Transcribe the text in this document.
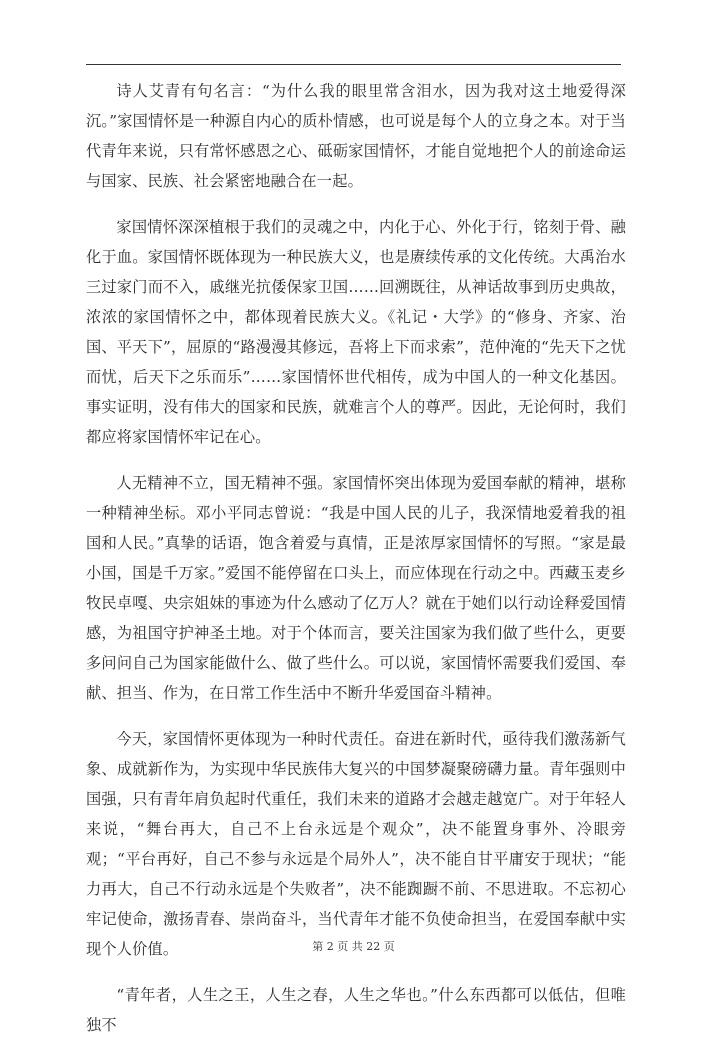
诗人艾青有句名言：“为什么我的眼里常含泪水，因为我对这土地爱得深沉。”家国情怀是一种源自内心的质朴情感，也可说是每个人的立身之本。对于当代青年来说，只有常怀感恩之心、砥砺家国情怀，才能自觉地把个人的前途命运与国家、民族、社会紧密地融合在一起。

家国情怀深深植根于我们的灵魂之中，内化于心、外化于行，铭刻于骨、融化于血。家国情怀既体现为一种民族大义，也是赓续传承的文化传统。大禹治水三过家门而不入，戚继光抗倭保家卫国……回溯既往，从神话故事到历史典故，浓浓的家国情怀之中，都体现着民族大义。《礼记・大学》的“修身、齐家、治国、平天下”，屈原的“路漫漫其修远，吾将上下而求索”，范仲淹的“先天下之忧而忧，后天下之乐而乐”……家国情怀世代相传，成为中国人的一种文化基因。事实证明，没有伟大的国家和民族，就难言个人的尊严。因此，无论何时，我们都应将家国情怀牢记在心。

人无精神不立，国无精神不强。家国情怀突出体现为爱国奉献的精神，堪称一种精神坐标。邓小平同志曾说：“我是中国人民的儿子，我深情地爱着我的祖国和人民。”真挚的话语，饱含着爱与真情，正是浓厚家国情怀的写照。“家是最小国，国是千万家。”爱国不能停留在口头上，而应体现在行动之中。西藏玉麦乡牧民卓嘎、央宗姐妹的事迹为什么感动了亿万人？就在于她们以行动诠释爱国情感，为祖国守护神圣土地。对于个体而言，要关注国家为我们做了些什么，更要多问问自己为国家能做什么、做了些什么。可以说，家国情怀需要我们爱国、奉献、担当、作为，在日常工作生活中不断升华爱国奋斗精神。

今天，家国情怀更体现为一种时代责任。奋进在新时代，亟待我们激荡新气象、成就新作为，为实现中华民族伟大复兴的中国梦凝聚磅礴力量。青年强则中国强，只有青年肩负起时代重任，我们未来的道路才会越走越宽广。对于年轻人来说，“舞台再大，自己不上台永远是个观众”，决不能置身事外、冷眼旁观；“平台再好，自己不参与永远是个局外人”，决不能自甘平庸安于现状；“能力再大，自己不行动永远是个失败者”，决不能踟蹰不前、不思进取。不忘初心牢记使命，激扬青春、崇尚奋斗，当代青年才能不负使命担当，在爱国奉献中实现个人价值。

“青年者，人生之王，人生之春，人生之华也。”什么东西都可以低估，但唯独不

第 2 页 共 22 页
